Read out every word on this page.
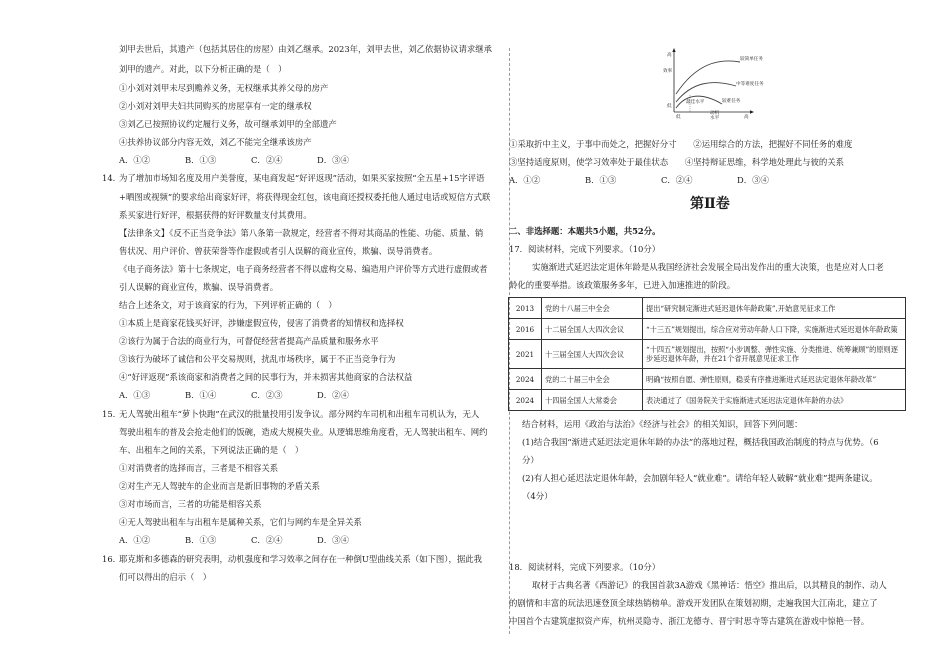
刘甲去世后，其遗产（包括其居住的房屋）由刘乙继承。2023年，刘甲去世，刘乙依据协议请求继承
刘甲的遗产。对此，以下分析正确的是（　）
①小刘对刘甲未尽到赡养义务，无权继承其养父母的房产
②小刘对刘甲夫妇共同购买的房屋享有一定的继承权
③刘乙已按照协议约定履行义务，故可继承刘甲的全部遗产
④扶养协议部分内容无效，刘乙不能完全继承该房产
A．①②	B．①③	C．②④	D．③④
14. 为了增加市场知名度及用户美誉度，某电商发起“好评返现”活动，如果买家按照“全五星+15字评语
+晒图或视频”的要求给出商家好评，将获得现金红包，该电商还授权委托他人通过电话或短信方式联
系买家进行好评，根据获得的好评数量支付其费用。
【法律条文】《反不正当竞争法》第八条第一款规定，经营者不得对其商品的性能、功能、质量、销
售状况、用户评价、曾获荣誉等作虚假或者引人误解的商业宣传，欺骗、误导消费者。
《电子商务法》第十七条规定，电子商务经营者不得以虚构交易、编造用户评价等方式进行虚假或者
引人误解的商业宣传，欺骗、误导消费者。
结合上述条文，对于该商家的行为，下列评析正确的（　）
①本质上是商家花钱买好评，涉嫌虚假宣传，侵害了消费者的知情权和选择权
②该行为属于合法的商业行为，可督促经营者提高产品质量和服务水平
③该行为破坏了诚信和公平交易规则，扰乱市场秩序，属于不正当竞争行为
④“好评返现”系该商家和消费者之间的民事行为，并未损害其他商家的合法权益
A．①③	B．①④	C．②③	D．②④
15. 无人驾驶出租车“萝卜快跑”在武汉的批量投用引发争议。部分网约车司机和出租车司机认为，无人
驾驶出租车的普及会抢走他们的饭碗，造成大规模失业。从逻辑思维角度看，无人驾驶出租车、网约
车、出租车之间的关系，下列说法正确的是（　）
①对消费者的选择而言，三者是不相容关系
②对生产无人驾驶车的企业而言是新旧事物的矛盾关系
③对市场而言，三者的功能是相容关系
④无人驾驶出租车与出租车是属种关系，它们与网约车是全异关系
A．①②	B．①③	C．②④	D．③④
16. 耶克斯和多德森的研究表明，动机强度和学习效率之间存在一种倒U型曲线关系（如下图），据此我
们可以得出的启示（　）
效率
低
高
低	高
动机
水平
较简单任务
中等难度任务
较难任务
最佳水平
①采取折中主义，于事中而处之，把握好分寸　　②运用综合的方法，把握好不同任务的难度
③坚持适度原则，使学习效率处于最佳状态　　④坚持辩证思维，科学地处理此与彼的关系
A．①②	B．①③	C．②④	D．③④
第Ⅱ卷
二、非选择题：本题共5小题，共52分。
17．阅读材料，完成下列要求。（10分）
实施渐进式延迟法定退休年龄是从我国经济社会发展全局出发作出的重大决策，也是应对人口老
龄化的重要举措。该政策服务多年，已进入加速推进的阶段。
2013	党的十八届三中全会	提出“研究制定渐进式延迟退休年龄政策”,开始意见征求工作
2016	十二届全国人大四次会议	“十三五”规划提出，综合应对劳动年龄人口下降，实施渐进式延迟退休年龄政策
2021	十三届全国人大四次会议	“十四五”规划提出，按照“小步调整、弹性实施、分类推进、统筹兼顾”的原则逐步延迟退休年龄，并在21个省开展意见征求工作
2024	党的二十届三中全会	明确“按照自愿、弹性原则，稳妥有序推进渐进式延迟法定退休年龄改革”
2024	十四届全国人大常委会	表决通过了《国务院关于实施渐进式延迟法定退休年龄的办法》
结合材料，运用《政治与法治》《经济与社会》的相关知识，回答下列问题：
(1)结合我国“渐进式延迟法定退休年龄的办法”的落地过程，概括我国政治制度的特点与优势。（6
分）
(2)有人担心延迟法定退休年龄，会加剧年轻人“就业难”。请给年轻人破解“就业难”提两条建议。
（4分）
18．阅读材料，完成下列要求。（10分）
取材于古典名著《西游记》的我国首款3A游戏《黑神话：悟空》推出后，以其精良的制作、动人
的剧情和丰富的玩法迅速登顶全球热销榜单。游戏开发团队在策划初期，走遍我国大江南北，建立了
中国首个古建筑虚拟资产库，杭州灵隐寺、浙江龙德寺、晋宁时思寺等古建筑在游戏中惊艳一替。
